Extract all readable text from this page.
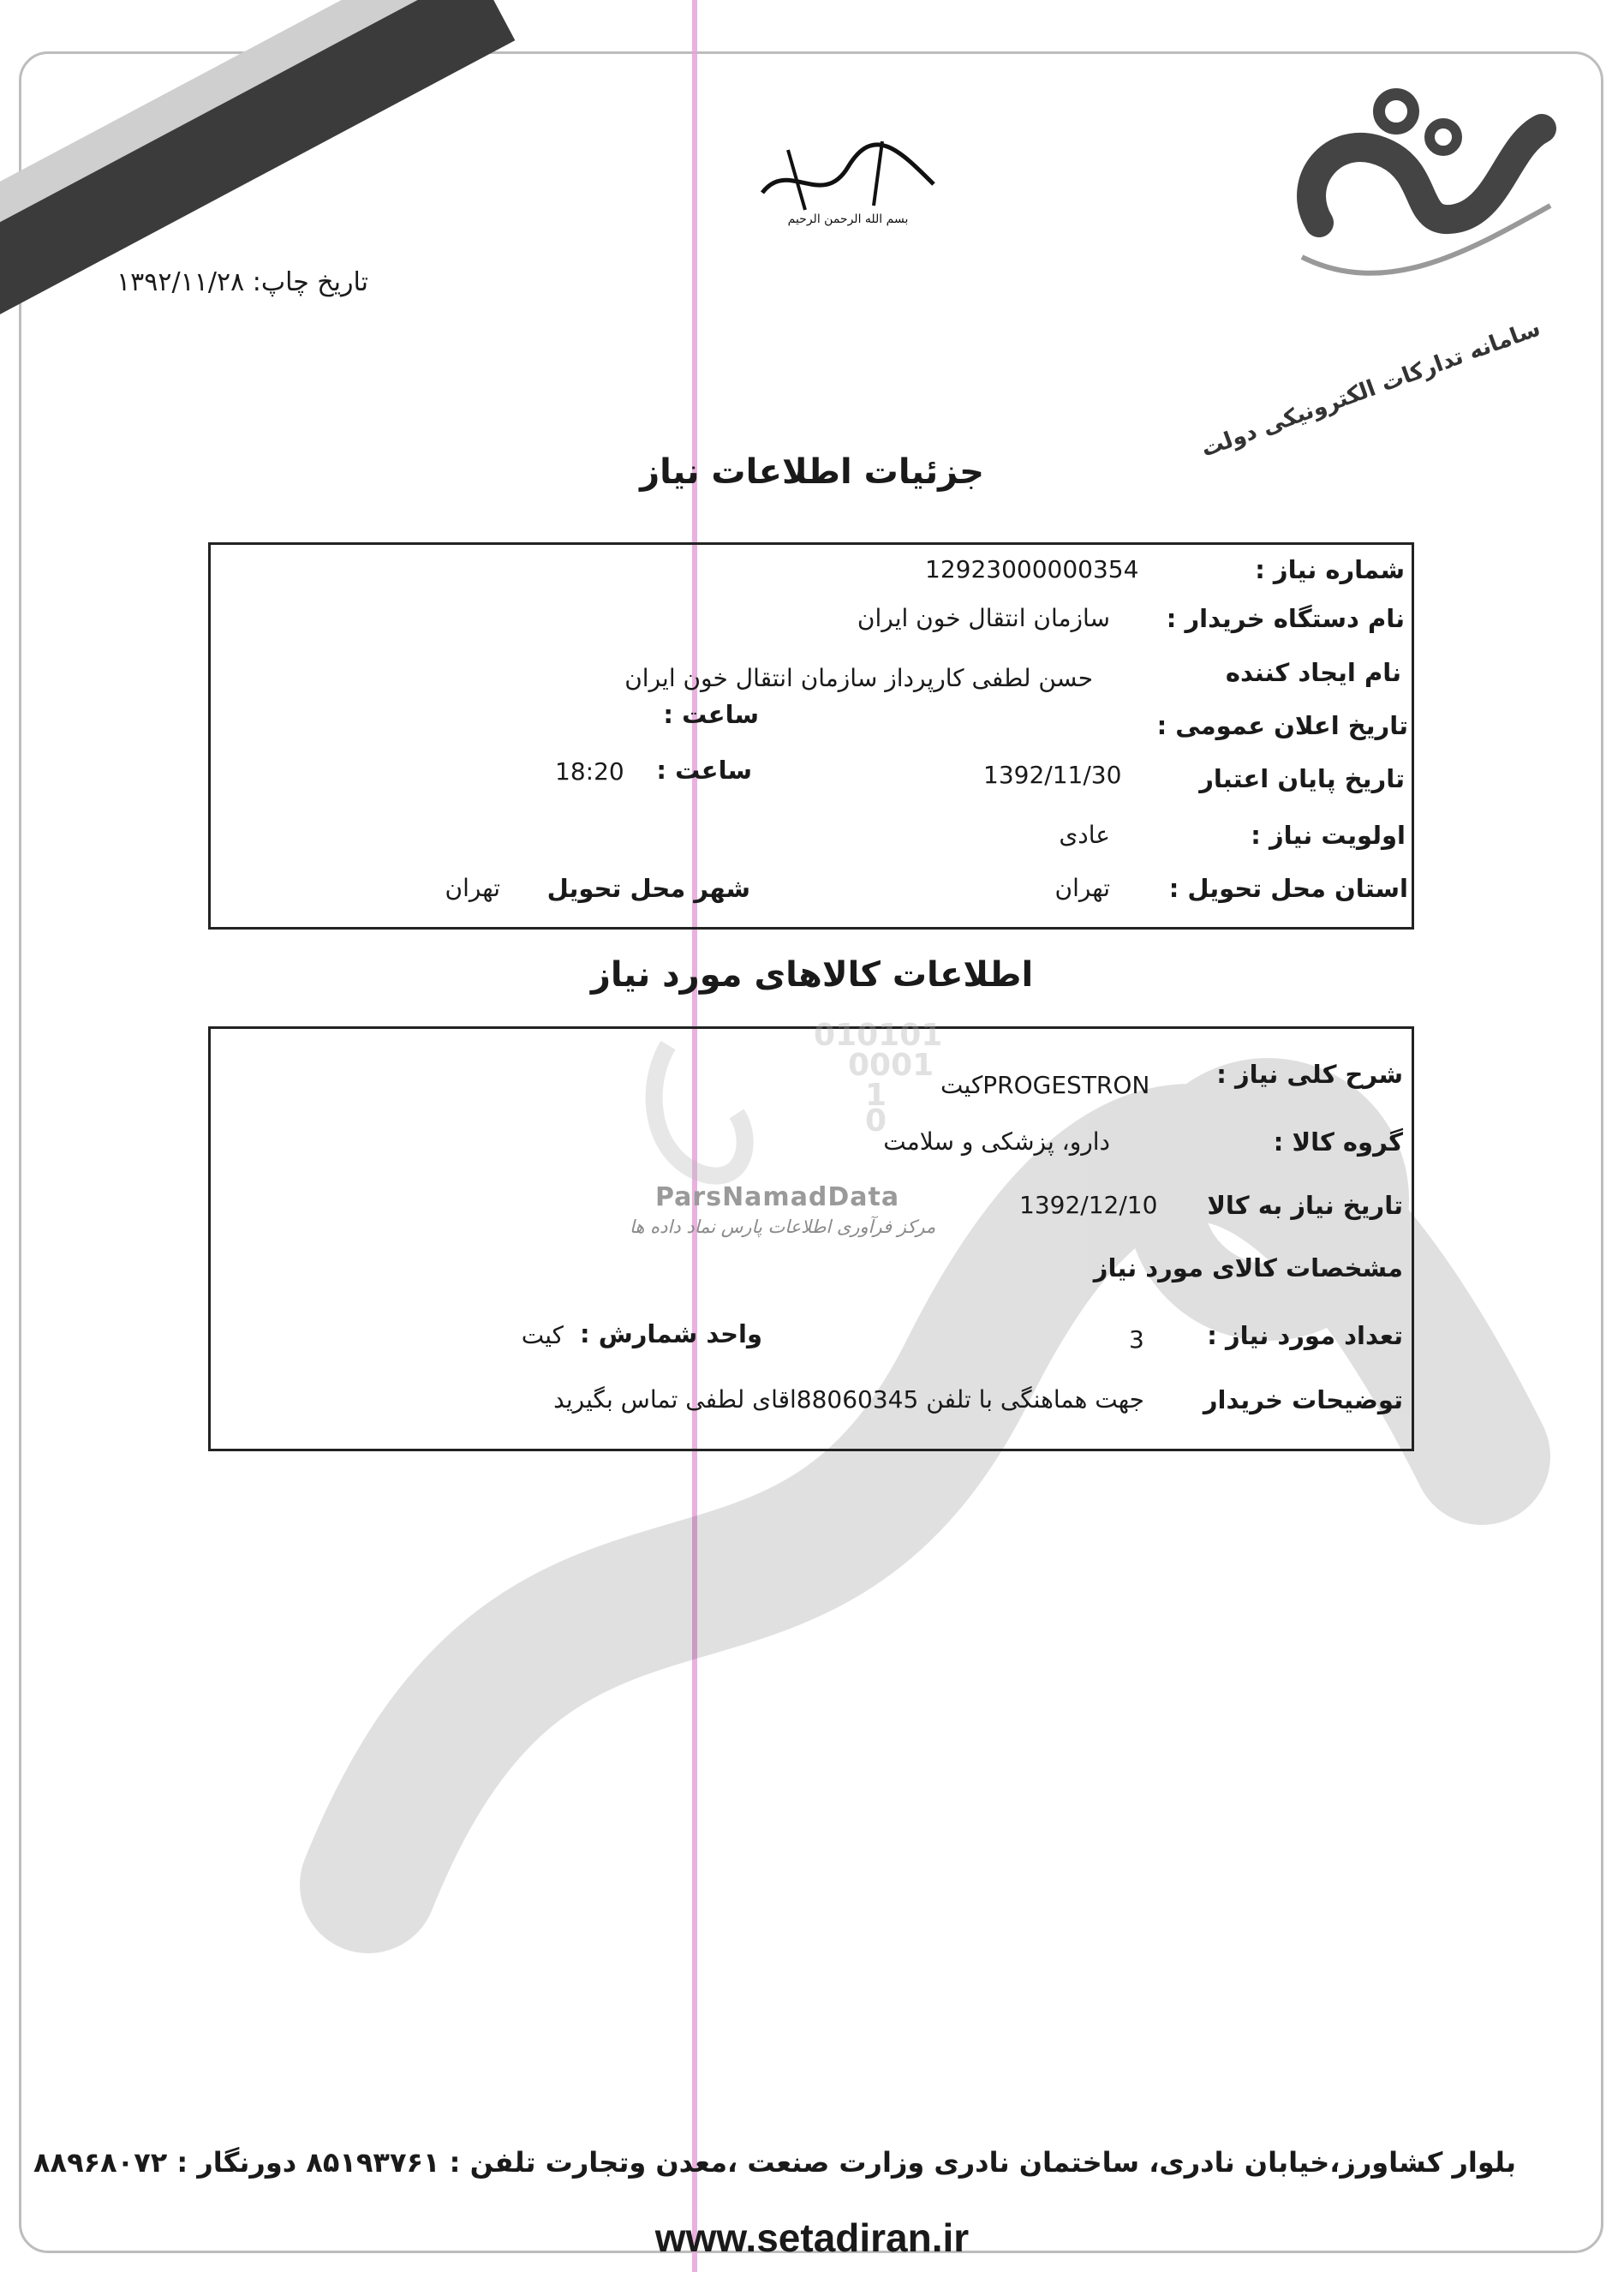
سامانه تدارکات الکترونیکی دولت
بسم الله الرحمن الرحیم
تاریخ چاپ: ۱۳۹۲/۱۱/۲۸
جزئیات اطلاعات نیاز
شماره نیاز :
12923000000354
نام دستگاه خریدار :
سازمان انتقال خون ایران
نام ایجاد کننده
حسن لطفی کارپرداز سازمان انتقال خون ایران
تاریخ اعلان عمومی :
ساعت :
تاریخ پایان اعتبار
1392/11/30
ساعت :
18:20
اولویت نیاز :
عادی
استان محل تحویل :
تهران
شهر محل تحویل
تهران
اطلاعات کالاهای مورد نیاز
010101
0001
1
0
ParsNamadData
مرکز فرآوری اطلاعات پارس نماد داده ها
شرح کلی نیاز :
کیتPROGESTRON
گروه کالا :
دارو، پزشکی و سلامت
تاریخ نیاز به کالا
1392/12/10
مشخصات کالای مورد نیاز
تعداد مورد نیاز :
3
واحد شمارش :
کیت
توضیحات خریدار
جهت هماهنگی با تلفن 88060345اقای لطفی تماس بگیرید
بلوار کشاورز،خیابان نادری، ساختمان نادری وزارت صنعت ،معدن وتجارت تلفن : ۸۵۱۹۳۷۶۱ دورنگار : ۸۸۹۶۸۰۷۲
www.setadiran.ir
